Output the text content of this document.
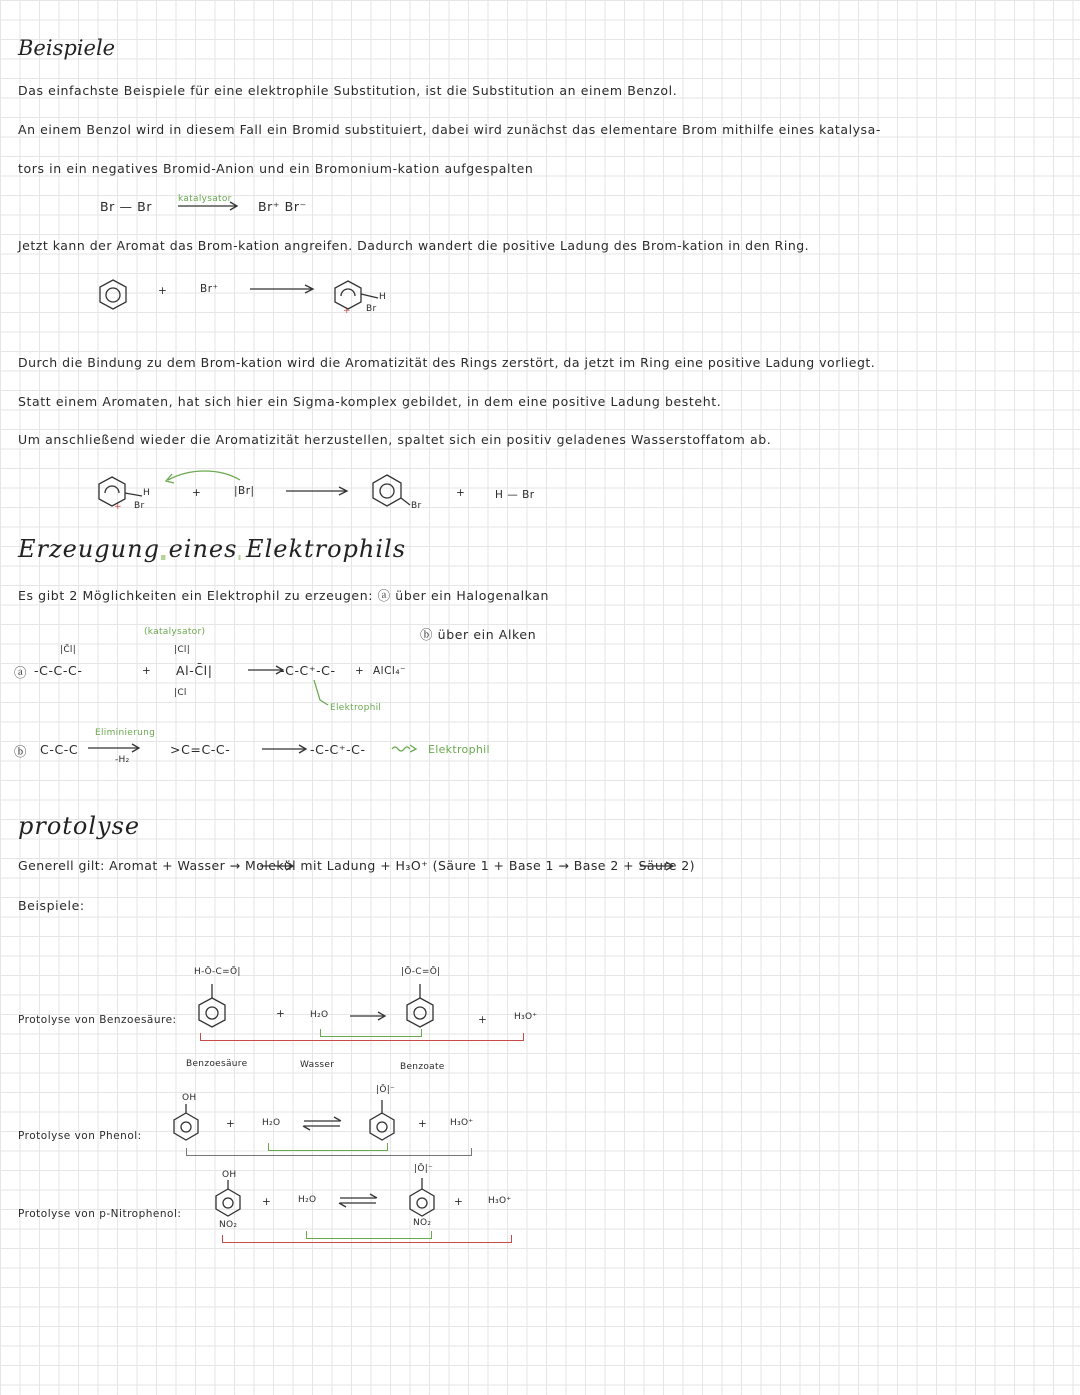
Beispiele
Das einfachste Beispiele für eine elektrophile Substitution, ist die Substitution an einem Benzol.
An einem Benzol wird in diesem Fall ein Bromid substituiert, dabei wird zunächst das elementare Brom mithilfe eines katalysa-
tors in ein negatives Bromid-Anion und ein Bromonium-kation aufgespalten
Br — Br	katalysator Br⁺ Br⁻
Jetzt kann der Aromat das Brom-kation angreifen. Dadurch wandert die positive Ladung des Brom-kation in den Ring.
+	Br⁺
H
Br
+
Durch die Bindung zu dem Brom-kation wird die Aromatizität des Rings zerstört, da jetzt im Ring eine positive Ladung vorliegt.
Statt einem Aromaten, hat sich hier ein Sigma-komplex gebildet, in dem eine positive Ladung besteht.
Um anschließend wieder die Aromatizität herzustellen, spaltet sich ein positiv geladenes Wasserstoffatom ab.
H
Br
+
+	|Br|
Br
+	H — Br
Erzeugung eines Elektrophils
Es gibt 2 Möglichkeiten ein Elektrophil zu erzeugen: ⓐ über ein Halogenalkan
ⓑ über ein Alken
|C̄l|
ⓐ -C-C-C-	+
(katalysator)
|Cl|
Al-C̄l|
|Cl
-C-C⁺-C- + AlCl₄⁻
Elektrophil
ⓑ C-C-C
Eliminierung
-H₂
>C=C-C-	-C-C⁺-C-	Elektrophil
protolyse
Generell gilt: Aromat + Wasser → Molekül mit Ladung + H₃O⁺ (Säure 1 + Base 1 → Base 2 + Säure 2)
Beispiele:
Protolyse von Benzoesäure:
H-Ō-C=Ō|
+	H₂O
|Ō-C=Ō|
+	H₃O⁺
Benzoesäure	Wasser	Benzoate
Protolyse von Phenol:
OH
+	H₂O
|Ō|⁻
+	H₃O⁺
Protolyse von p-Nitrophenol:
OH
NO₂
+	H₂O
|Ō|⁻
NO₂
+	H₃O⁺
